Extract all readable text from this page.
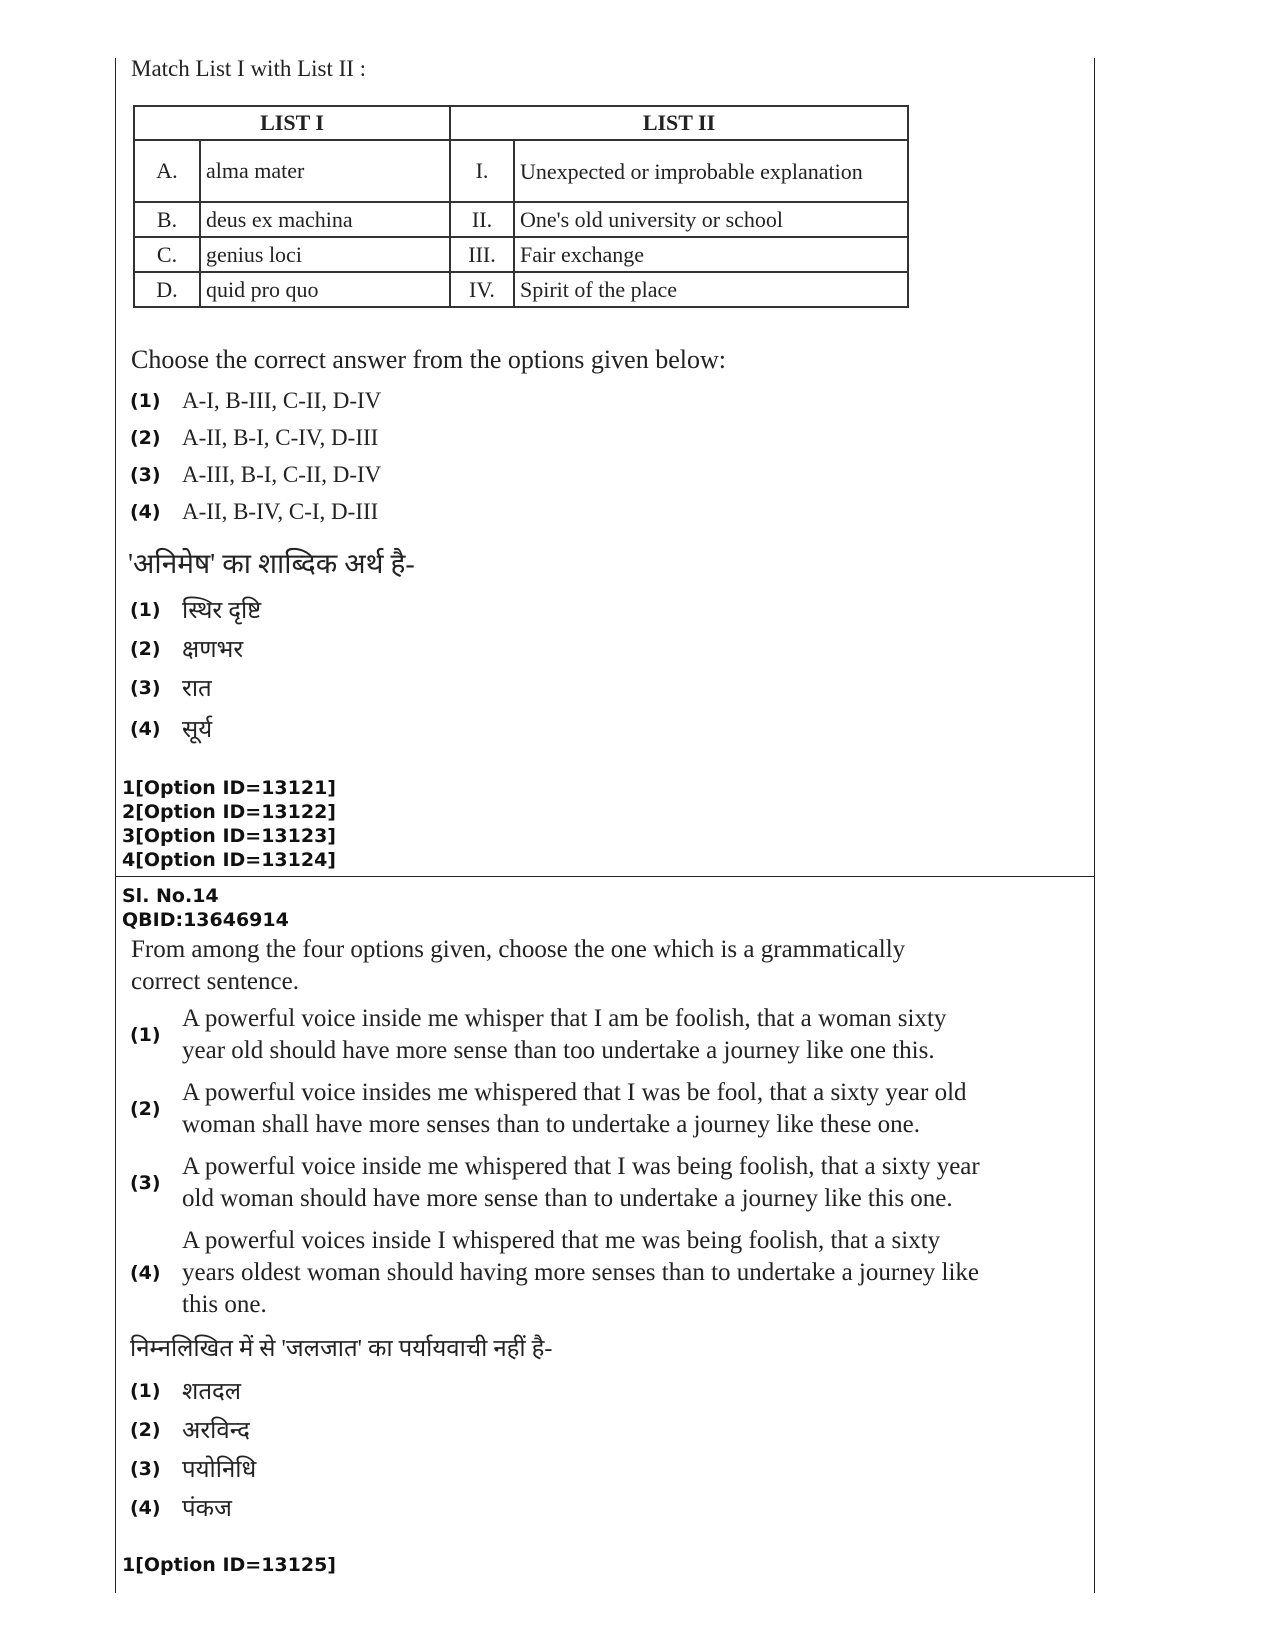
Match List I with List II :
LIST I		LIST II	
A.	alma mater	I.	Unexpected or improbable explanation
B.	deus ex machina	II.	One's old university or school
C.	genius loci	III.	Fair exchange
D.	quid pro quo	IV.	Spirit of the place
Choose the correct answer from the options given below:
(1) A-I, B-III, C-II, D-IV
(2) A-II, B-I, C-IV, D-III
(3) A-III, B-I, C-II, D-IV
(4) A-II, B-IV, C-I, D-III
'अनिमेष' का शाब्दिक अर्थ है-
(1) स्थिर दृष्टि
(2) क्षणभर
(3) रात
(4) सूर्य
1[Option ID=13121]
2[Option ID=13122]
3[Option ID=13123]
4[Option ID=13124]
Sl. No.14
QBID:13646914
From among the four options given, choose the one which is a grammatically
correct sentence.
(1)
A powerful voice inside me whisper that I am be foolish, that a woman sixty
year old should have more sense than too undertake a journey like one this.
(2)
A powerful voice insides me whispered that I was be fool, that a sixty year old
woman shall have more senses than to undertake a journey like these one.
(3)
A powerful voice inside me whispered that I was being foolish, that a sixty year
old woman should have more sense than to undertake a journey like this one.
(4)
A powerful voices inside I whispered that me was being foolish, that a sixty
years oldest woman should having more senses than to undertake a journey like
this one.
निम्नलिखित में से 'जलजात' का पर्यायवाची नहीं है-
(1) शतदल
(2) अरविन्द
(3) पयोनिधि
(4) पंकज
1[Option ID=13125]
